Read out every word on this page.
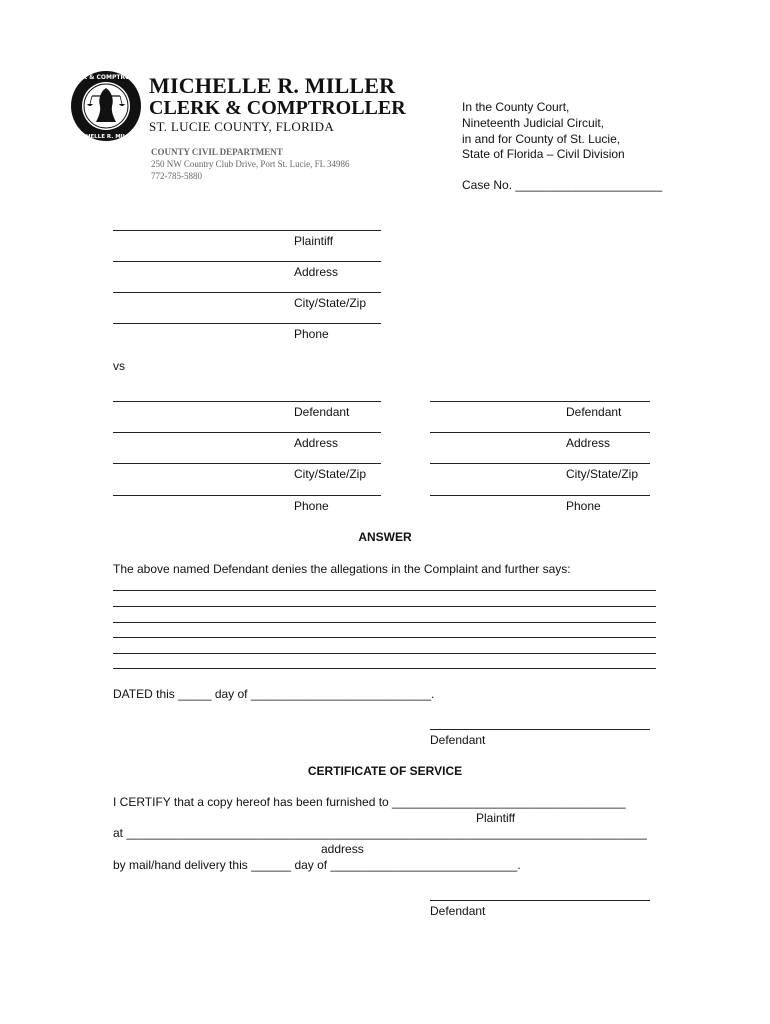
CLERK & COMPTROLLER
MICHELLE R. MILLER
MICHELLE R. MILLER
CLERK & COMPTROLLER
ST. LUCIE COUNTY, FLORIDA
COUNTY CIVIL DEPARTMENT
250 NW Country Club Drive, Port St. Lucie, FL 34986
772-785-5880
In the County Court,
Nineteenth Judicial Circuit,
in and for County of St. Lucie,
State of Florida – Civil Division
Case No. ______________________
Plaintiff
Address
City/State/Zip
Phone
vs
Defendant
Address
City/State/Zip
Phone
Defendant
Address
City/State/Zip
Phone
ANSWER
The above named Defendant denies the allegations in the Complaint and further says:
DATED this _____ day of ___________________________.
Defendant
CERTIFICATE OF SERVICE
I CERTIFY that a copy hereof has been furnished to ___________________________________
Plaintiff
at ______________________________________________________________________________
address
by mail/hand delivery this ______ day of ____________________________.
Defendant
